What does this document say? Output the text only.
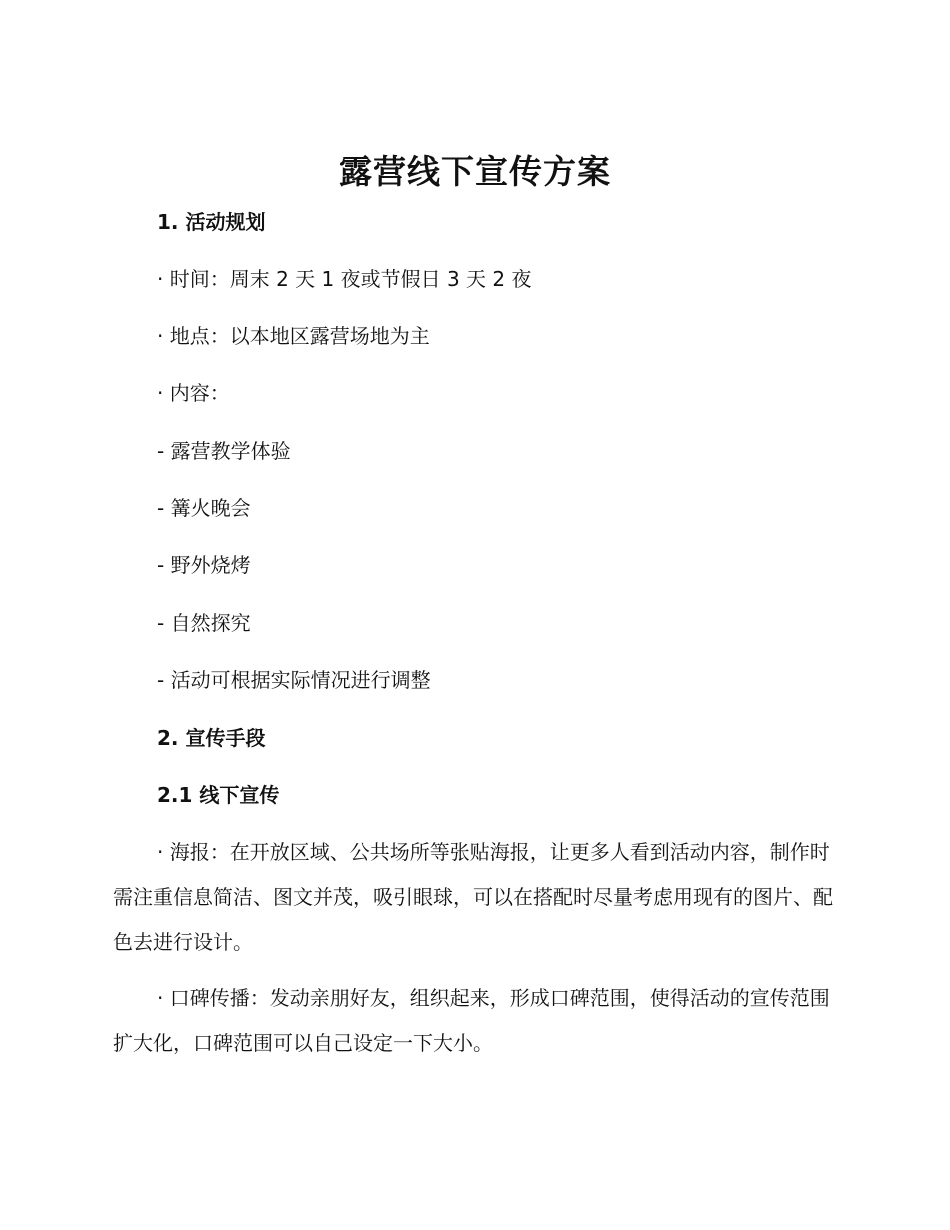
露营线下宣传方案
1. 活动规划
· 时间：周末 2 天 1 夜或节假日 3 天 2 夜
· 地点：以本地区露营场地为主
· 内容：
- 露营教学体验
- 篝火晚会
- 野外烧烤
- 自然探究
- 活动可根据实际情况进行调整
2. 宣传手段
2.1 线下宣传
· 海报：在开放区域、公共场所等张贴海报，让更多人看到活动内容，制作时需注重信息简洁、图文并茂，吸引眼球，可以在搭配时尽量考虑用现有的图片、配色去进行设计。
· 口碑传播：发动亲朋好友，组织起来，形成口碑范围，使得活动的宣传范围扩大化，口碑范围可以自己设定一下大小。
